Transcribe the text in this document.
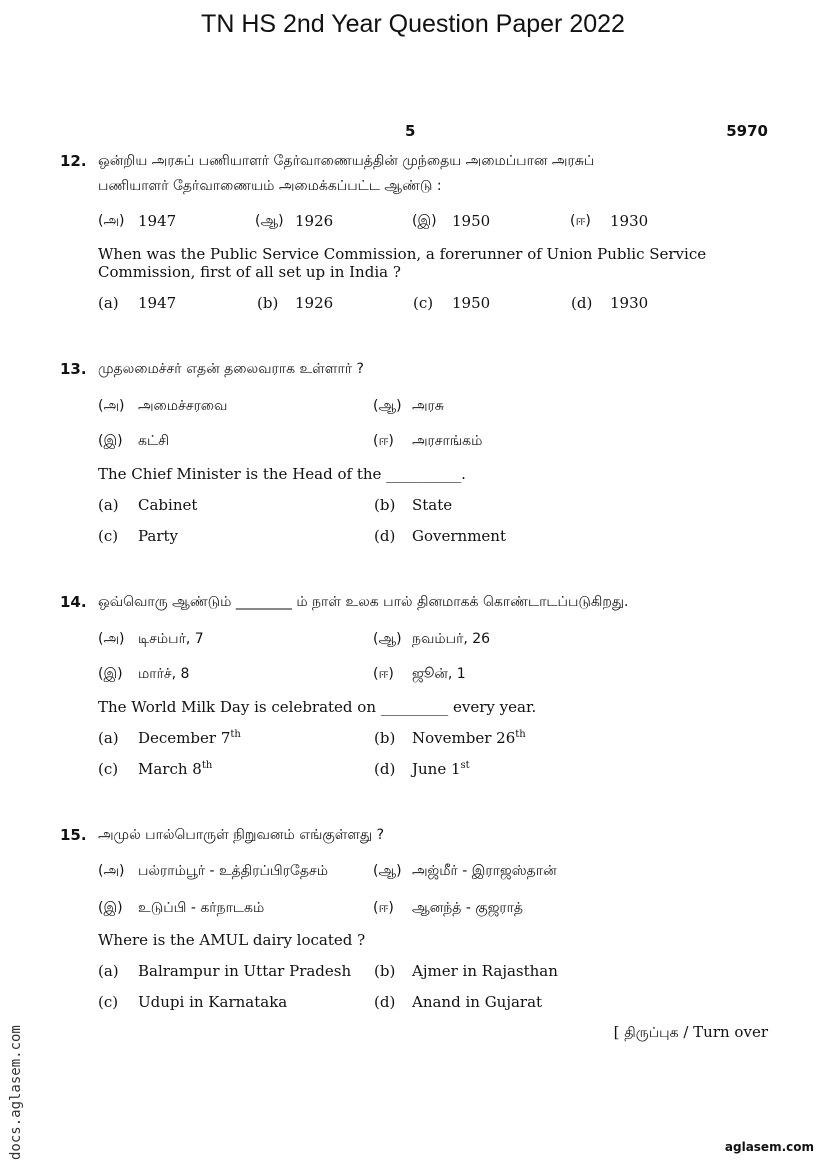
TN HS 2nd Year Question Paper 2022
5	5970
12. ஒன்றிய அரசுப் பணியாளர் தேர்வாணையத்தின் முந்தைய அமைப்பான அரசுப்
பணியாளர் தேர்வாணையம் அமைக்கப்பட்ட ஆண்டு :
(அ) 1947	(ஆ) 1926	(இ) 1950	(ஈ) 1930
When was the Public Service Commission, a forerunner of Union Public Service
Commission, first of all set up in India ?
(a) 1947	(b) 1926	(c) 1950	(d) 1930
13. முதலமைச்சர் எதன் தலைவராக உள்ளார் ?
(அ) அமைச்சரவை	(ஆ) அரசு
(இ) கட்சி	(ஈ) அரசாங்கம்
The Chief Minister is the Head of the __________.
(a) Cabinet	(b) State
(c) Party	(d) Government
14. ஒவ்வொரு ஆண்டும் ________ ம் நாள் உலக பால் தினமாகக் கொண்டாடப்படுகிறது.
(அ) டிசம்பர், 7	(ஆ) நவம்பர், 26
(இ) மார்ச், 8	(ஈ) ஜூன், 1
The World Milk Day is celebrated on _________ every year.
(a) December 7th	(b) November 26th
(c) March 8th	(d) June 1st
15. அமுல் பால்பொருள் நிறுவனம் எங்குள்ளது ?
(அ) பல்ராம்பூர் - உத்திரப்பிரதேசம்	(ஆ) அஜ்மீர் - இராஜஸ்தான்
(இ) உடுப்பி - கர்நாடகம்	(ஈ) ஆனந்த் - குஜராத்
Where is the AMUL dairy located ?
(a) Balrampur in Uttar Pradesh (b) Ajmer in Rajasthan
(c) Udupi in Karnataka	(d) Anand in Gujarat
[ திருப்புக / Turn over
docs.aglasem.com	aglasem.com
